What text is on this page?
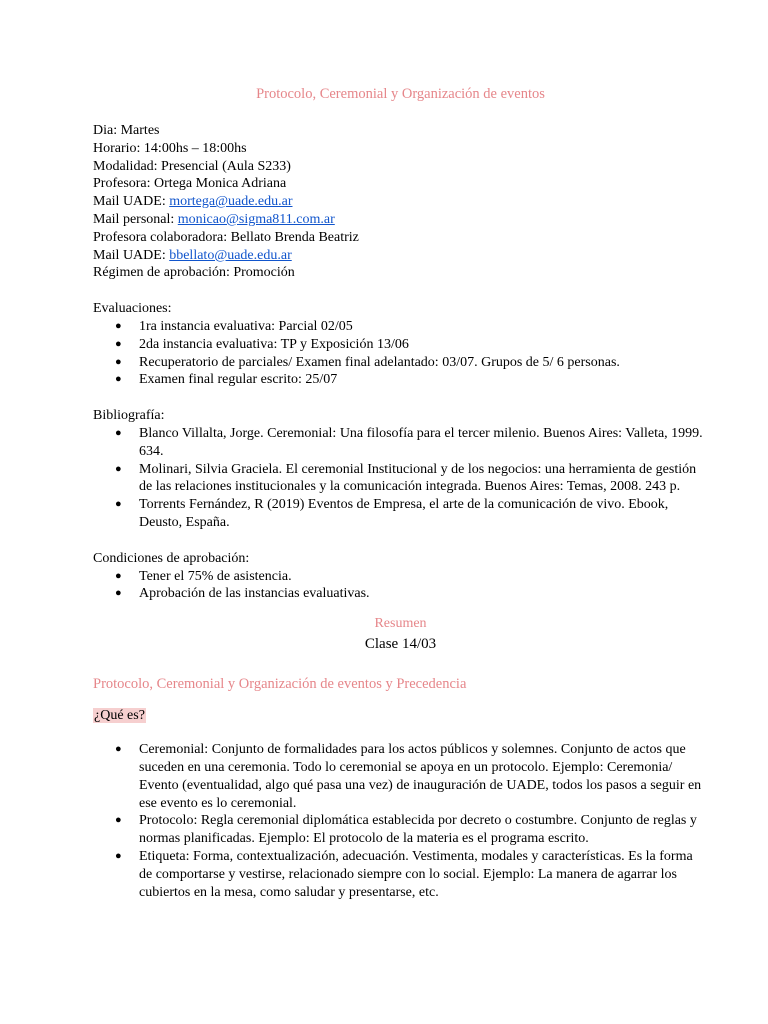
Protocolo, Ceremonial y Organización de eventos
Dia: Martes
Horario: 14:00hs – 18:00hs
Modalidad: Presencial (Aula S233)
Profesora: Ortega Monica Adriana
Mail UADE: mortega@uade.edu.ar
Mail personal: monicao@sigma811.com.ar
Profesora colaboradora: Bellato Brenda Beatriz
Mail UADE: bbellato@uade.edu.ar
Régimen de aprobación: Promoción
Evaluaciones:
● 1ra instancia evaluativa: Parcial 02/05
● 2da instancia evaluativa: TP y Exposición 13/06
● Recuperatorio de parciales/ Examen final adelantado: 03/07. Grupos de 5/ 6 personas.
● Examen final regular escrito: 25/07
Bibliografía:
● Blanco Villalta, Jorge. Ceremonial: Una filosofía para el tercer milenio. Buenos Aires: Valleta, 1999. 634.
● Molinari, Silvia Graciela. El ceremonial Institucional y de los negocios: una herramienta de gestión de las relaciones institucionales y la comunicación integrada. Buenos Aires: Temas, 2008. 243 p.
● Torrents Fernández, R (2019) Eventos de Empresa, el arte de la comunicación de vivo. Ebook, Deusto, España.
Condiciones de aprobación:
● Tener el 75% de asistencia.
● Aprobación de las instancias evaluativas.
Resumen
Clase 14/03
Protocolo, Ceremonial y Organización de eventos y Precedencia
¿Qué es?
● Ceremonial: Conjunto de formalidades para los actos públicos y solemnes. Conjunto de actos que suceden en una ceremonia. Todo lo ceremonial se apoya en un protocolo. Ejemplo: Ceremonia/ Evento (eventualidad, algo qué pasa una vez) de inauguración de UADE, todos los pasos a seguir en ese evento es lo ceremonial.
● Protocolo: Regla ceremonial diplomática establecida por decreto o costumbre. Conjunto de reglas y normas planificadas. Ejemplo: El protocolo de la materia es el programa escrito.
● Etiqueta: Forma, contextualización, adecuación. Vestimenta, modales y características. Es la forma de comportarse y vestirse, relacionado siempre con lo social. Ejemplo: La manera de agarrar los cubiertos en la mesa, como saludar y presentarse, etc.
